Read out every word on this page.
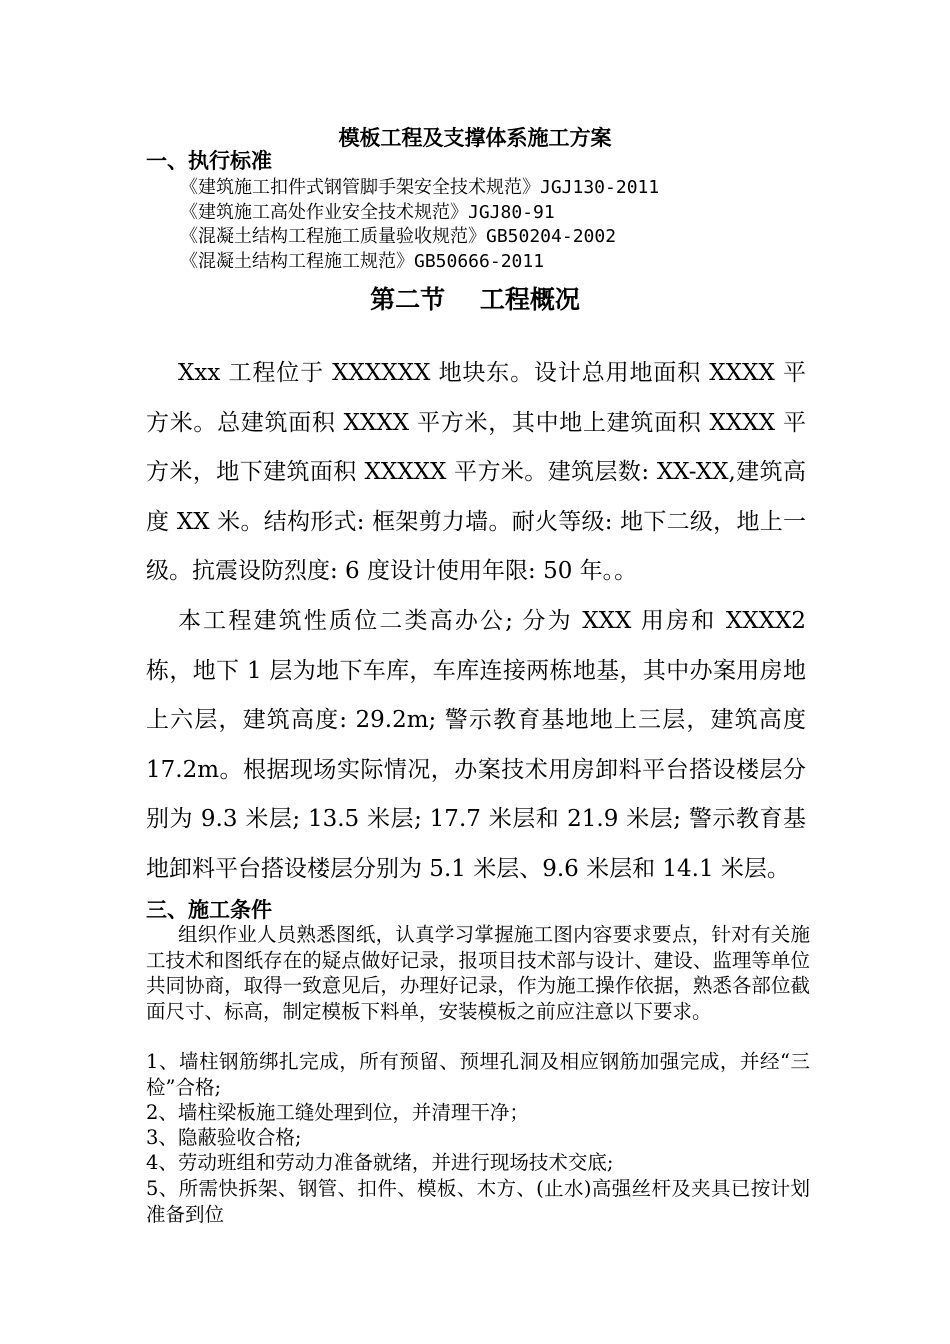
模板工程及支撑体系施工方案
一、执行标准
《建筑施工扣件式钢管脚手架安全技术规范》JGJ130-2011
《建筑施工高处作业安全技术规范》JGJ80-91
《混凝土结构工程施工质量验收规范》GB50204-2002
《混凝土结构工程施工规范》GB50666-2011
第二节    工程概况

Xxx 工程位于 XXXXXX 地块东。设计总用地面积 XXXX 平方米。总建筑面积 XXXX 平方米，其中地上建筑面积 XXXX 平方米，地下建筑面积 XXXXX 平方米。建筑层数: XX-XX,建筑高度 XX 米。结构形式: 框架剪力墙。耐火等级: 地下二级，地上一级。抗震设防烈度: 6 度设计使用年限: 50 年。。

本工程建筑性质位二类高办公; 分为 XXX 用房和 XXXX2 栋，地下 1 层为地下车库，车库连接两栋地基，其中办案用房地上六层，建筑高度: 29.2m; 警示教育基地地上三层，建筑高度 17.2m。根据现场实际情况，办案技术用房卸料平台搭设楼层分别为 9.3 米层; 13.5 米层; 17.7 米层和 21.9 米层; 警示教育基地卸料平台搭设楼层分别为 5.1 米层、9.6 米层和 14.1 米层。

三、施工条件

组织作业人员熟悉图纸，认真学习掌握施工图内容要求要点，针对有关施工技术和图纸存在的疑点做好记录，报项目技术部与设计、建设、监理等单位共同协商，取得一致意见后，办理好记录，作为施工操作依据，熟悉各部位截面尺寸、标高，制定模板下料单，安装模板之前应注意以下要求。

1、墙柱钢筋绑扎完成，所有预留、预埋孔洞及相应钢筋加强完成，并经“三检”合格;

2、墙柱梁板施工缝处理到位，并清理干净；

3、隐蔽验收合格;

4、劳动班组和劳动力准备就绪，并进行现场技术交底;

5、所需快拆架、钢管、扣件、模板、木方、(止水)高强丝杆及夹具已按计划准备到位
